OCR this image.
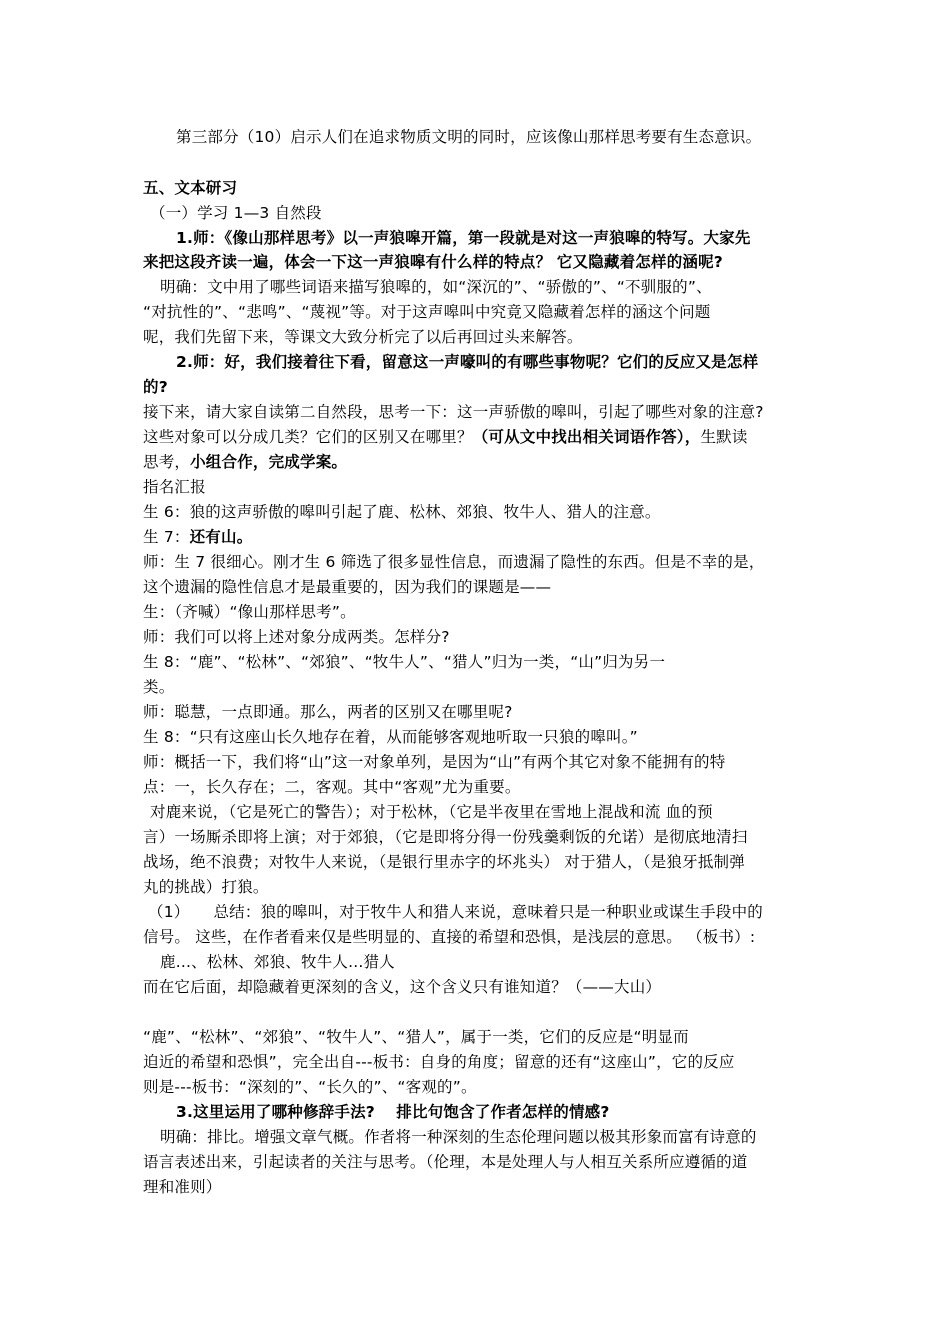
第三部分（10）启示人们在追求物质文明的同时，应该像山那样思考要有生态意识。
五、文本研习
（一）学习 1—3 自然段
1.师：《像山那样思考》以一声狼嗥开篇，第一段就是对这一声狼嗥的特写。大家先
来把这段齐读一遍，体会一下这一声狼嗥有什么样的特点？ 它又隐藏着怎样的涵呢?
明确：文中用了哪些词语来描写狼嗥的，如“深沉的”、“骄傲的”、“不驯服的”、
“对抗性的”、“悲鸣”、“蔑视”等。对于这声嗥叫中究竟又隐藏着怎样的涵这个问题
呢，我们先留下来，等课文大致分析完了以后再回过头来解答。
2.师：好，我们接着往下看，留意这一声嚎叫的有哪些事物呢？它们的反应又是怎样
的?
接下来，请大家自读第二自然段，思考一下：这一声骄傲的嗥叫，引起了哪些对象的注意?
这些对象可以分成几类？它们的区别又在哪里？（可从文中找出相关词语作答），生默读
思考，小组合作，完成学案。
指名汇报
生 6：狼的这声骄傲的嗥叫引起了鹿、松林、郊狼、牧牛人、猎人的注意。
生 7：还有山。
师：生 7 很细心。刚才生 6 筛选了很多显性信息，而遗漏了隐性的东西。但是不幸的是，
这个遗漏的隐性信息才是最重要的，因为我们的课题是——
生：（齐喊）“像山那样思考”。
师：我们可以将上述对象分成两类。怎样分?
生 8：“鹿”、“松林”、“郊狼”、“牧牛人”、“猎人”归为一类，“山”归为另一
类。
师：聪慧，一点即通。那么，两者的区别又在哪里呢?
生 8：“只有这座山长久地存在着，从而能够客观地听取一只狼的嗥叫。”
师：概括一下，我们将“山”这一对象单列，是因为“山”有两个其它对象不能拥有的特
点：一，长久存在；二，客观。其中“客观”尤为重要。
对鹿来说，（它是死亡的警告）；对于松林，（它是半夜里在雪地上混战和流 血的预
言）一场厮杀即将上演；对于郊狼，（它是即将分得一份残羹剩饭的允诺）是彻底地清扫
战场，绝不浪费；对牧牛人来说，（是银行里赤字的坏兆头） 对于猎人，（是狼牙抵制弹
丸的挑战）打狼。
（1） 总结：狼的嗥叫，对于牧牛人和猎人来说，意味着只是一种职业或谋生手段中的
信号。 这些，在作者看来仅是些明显的、直接的希望和恐惧，是浅层的意思。 （板书）:
鹿...、松林、郊狼、牧牛人...猎人
而在它后面，却隐藏着更深刻的含义，这个含义只有谁知道？（——大山）
“鹿”、“松林”、“郊狼”、“牧牛人”、“猎人”，属于一类，它们的反应是“明显而
迫近的希望和恐惧”，完全出自---板书：自身的角度；留意的还有“这座山”，它的反应
则是---板书：“深刻的”、“长久的”、“客观的”。
3.这里运用了哪种修辞手法?　 排比句饱含了作者怎样的情感?
明确：排比。增强文章气概。作者将一种深刻的生态伦理问题以极其形象而富有诗意的
语言表述出来，引起读者的关注与思考。（伦理，本是处理人与人相互关系所应遵循的道
理和准则）
